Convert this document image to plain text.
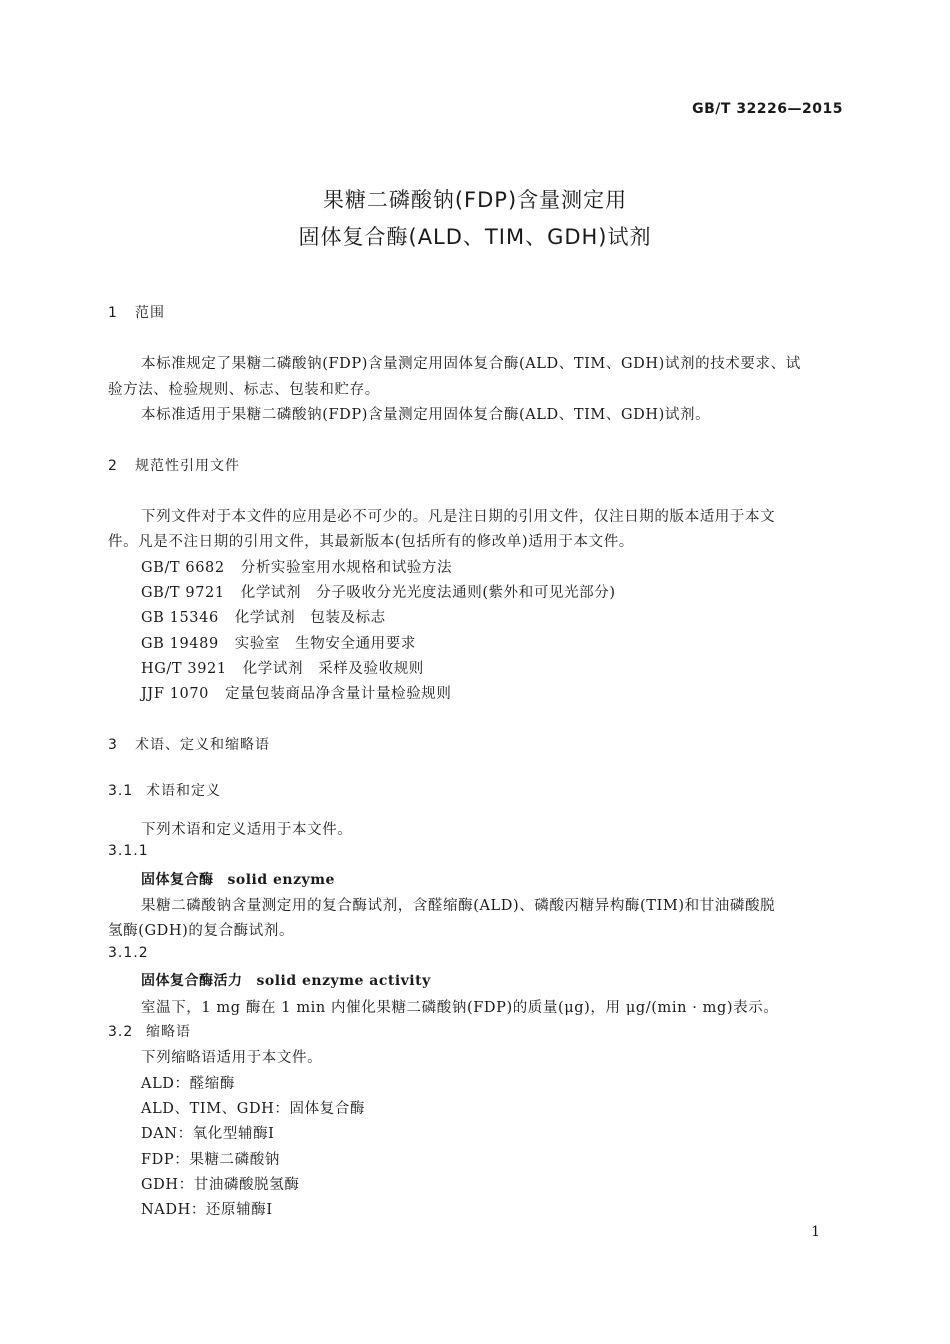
GB/T 32226—2015
果糖二磷酸钠(FDP)含量测定用
固体复合酶(ALD、TIM、GDH)试剂
1 范围
本标准规定了果糖二磷酸钠(FDP)含量测定用固体复合酶(ALD、TIM、GDH)试剂的技术要求、试
验方法、检验规则、标志、包装和贮存。
本标准适用于果糖二磷酸钠(FDP)含量测定用固体复合酶(ALD、TIM、GDH)试剂。
2 规范性引用文件
下列文件对于本文件的应用是必不可少的。凡是注日期的引用文件，仅注日期的版本适用于本文
件。凡是不注日期的引用文件，其最新版本(包括所有的修改单)适用于本文件。
GB/T 6682 分析实验室用水规格和试验方法
GB/T 9721 化学试剂　分子吸收分光光度法通则(紫外和可见光部分)
GB 15346 化学试剂　包装及标志
GB 19489 实验室　生物安全通用要求
HG/T 3921 化学试剂　采样及验收规则
JJF 1070 定量包装商品净含量计量检验规则
3 术语、定义和缩略语
3.1 术语和定义
下列术语和定义适用于本文件。
3.1.1
固体复合酶 solid enzyme
果糖二磷酸钠含量测定用的复合酶试剂，含醛缩酶(ALD)、磷酸丙糖异构酶(TIM)和甘油磷酸脱
氢酶(GDH)的复合酶试剂。
3.1.2
固体复合酶活力 solid enzyme activity
室温下，1 mg 酶在 1 min 内催化果糖二磷酸钠(FDP)的质量(μg)，用 μg/(min · mg)表示。
3.2 缩略语
下列缩略语适用于本文件。
ALD：醛缩酶
ALD、TIM、GDH：固体复合酶
DAN：氧化型辅酶Ⅰ
FDP：果糖二磷酸钠
GDH：甘油磷酸脱氢酶
NADH：还原辅酶Ⅰ
1
